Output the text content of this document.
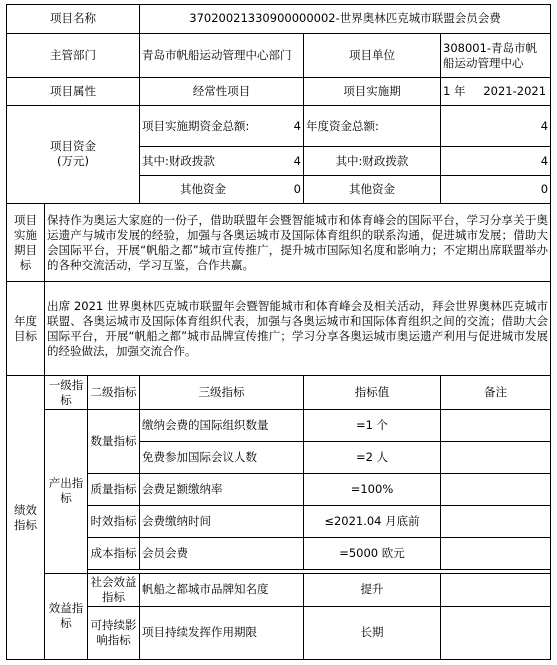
项目名称			37020021330900000002-世界奥林匹克城市联盟会员会费		
主管部门			青岛市帆船运动管理中心部门	项目单位	308001-青岛市帆船运动管理中心
项目属性			经常性项目	项目实施期	1 年 2021-2021

项目资金
(万元)			项目实施期资金总额: 4	年度资金总额:	4

			其中:财政拨款 4	其中:财政拨款	4

			其他资金 0	其他资金	0
项目实施期目标	保持作为奥运大家庭的一份子，借助联盟年会暨智能城市和体育峰会的国际平台，学习分享关于奥运遗产与城市发展的经验，加强与各奥运城市及国际体育组织的联系沟通，促进城市发展；借助大会国际平台，开展“帆船之都”城市宣传推广，提升城市国际知名度和影响力；不定期出席联盟举办的各种交流活动，学习互鉴，合作共赢。				
年度目标	出席 2021 世界奥林匹克城市联盟年会暨智能城市和体育峰会及相关活动，拜会世界奥林匹克城市联盟、各奥运城市及国际体育组织代表，加强与各奥运城市和国际体育组织之间的交流；借助大会国际平台，开展“帆船之都”城市品牌宣传推广；学习分享各奥运城市奥运遗产利用与促进城市发展的经验做法，加强交流合作。				
绩效指标	一级指标	二级指标	三级指标	指标值	备注
	产出指标	数量指标	缴纳会费的国际组织数量	=1 个	
			免费参加国际会议人数	=2 人	
		质量指标	会费足额缴纳率	=100%	
		时效指标	会费缴纳时间	≤2021.04 月底前	
		成本指标	会员会费	=5000 欧元	

	效益指标	社会效益指标	帆船之都城市品牌知名度	提升	
		可持续影响指标	项目持续发挥作用期限	长期	
